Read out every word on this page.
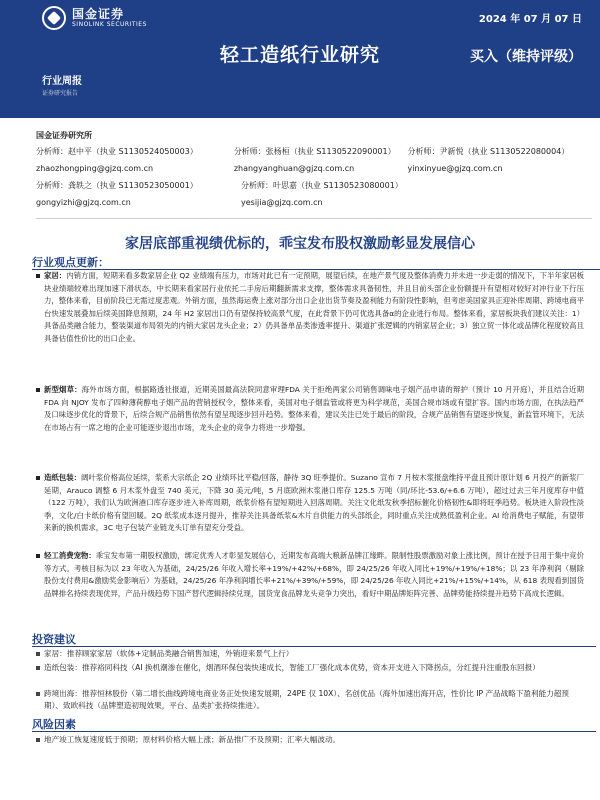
国金证券
SINOLINK SECURITIES	2024 年 07 月 07 日
轻工造纸行业研究	买入（维持评级）
行业周报
证券研究报告
国金证券研究所
分析师：赵中平（执业 S1130524050003）	分析师：张杨桓（执业 S1130522090001）	分析师：尹新悦（执业 S1130522080004）
zhaozhongping@gjzq.com.cn	zhangyanghuan@gjzq.com.cn	yinxinyue@gjzq.com.cn
分析师：龚轶之（执业 S1130523050001）	分析师：叶思嘉（执业 S1130523080001）
gongyizhi@gjzq.com.cn	yesijia@gjzq.com.cn
家居底部重视绩优标的，乖宝发布股权激励彰显发展信心
行业观点更新：
家居：内销方面，短期来看多数家居企业 Q2 业绩端有压力，市场对此已有一定预期，展望后续，在地产景气度及整体消费力并未进一步走弱的情况下，下半年家居板块业绩端较难出现加速下滑状态，中长期来看家居行业依托二手房后期翻新需求支撑，整体需求具备韧性，并且目前头部企业份额提升有望相对较好对冲行业下行压力，整体来看，目前阶段已无需过度悲观。外销方面，虽然海运费上涨对部分出口企业出货节奏及盈利能力有阶段性影响，但考虑美国家具正迎补库周期、跨境电商平台快速发展叠加后续美国降息预期，24 年 H2 家居出口仍有望保持较高景气度，在此背景下仍可优选具备α的企业进行布局。整体来看，家居板块我们建议关注：1）具备品类融合能力，整装渠道布局领先的内销大家居龙头企业；2）仍具备单品类渗透率提升、渠道扩张逻辑的内销家居企业；3）独立贸一体化或品牌化程度较高且具备估值性价比的出口企业。
新型烟草：海外市场方面，根据路透社报道，近期美国最高法院同意审理FDA 关于拒绝两家公司销售调味电子烟产品申请的辩护（预计 10 月开庭），并且结合近期 FDA 向 NJOY 发布了四种薄荷醇电子烟产品的营销授权令，整体来看，美国对电子烟监管或将更为科学规范，美国合规市场或有望扩容。国内市场方面，在执法趋严及口味逐步优化的背景下，后续合规产品销售依然有望呈现逐步回升趋势。整体来看，建议关注已处于最后的阶段，合规产品销售有望逐步恢复，新监管环境下，无法在市场占有一席之地的企业可能逐步退出市场，龙头企业的竞争力将进一步增强。
造纸包装：阔叶浆价格高位延续，浆系大宗纸企 2Q 业绩环比平稳/回落，静待 3Q 旺季提价。Suzano 宣布 7 月桉木浆报盘维持平盘且预计原计划 6 月投产的新浆厂延期，Arauco 调整 6 月木浆外盘至 740 美元，下降 30 美元/吨，5 月底欧洲木浆港口库存 125.5 万吨（同/环比-53.6/+6.6 万吨），超过过去三年月度库存中值（122 万吨），我们认为欧洲港口库存逐步进入补库周期，纸浆价格有望短期进入回落周期。关注文化纸发秋季招标催化价格韧性&即将旺季趋势。板块进入阶段性淡季，文化/白卡纸价格有望回暖。2Q 纸浆成本逐月提升，推荐关注具备纸浆&木片自供能力的头部纸企，同时重点关注成熟低盈利企业。AI 给消费电子赋能，有望带来新的换机需求，3C 电子包装产业链龙头订单有望充分受益。
轻工消费宠物：乖宝发布第一期股权激励，绑定优秀人才彰显发展信心，近期发布高端大粮新品牌江缘畔。限制性股票激励对象上涨比例，预计在授予日用于集中竞价等方式。考核目标为以 23 年收入为基础，24/25/26 年收入增长率+19%/+42%/+68%，即 24/25/26 年收入同比+19%/+19%/+18%；以 23 年净利润（剔除股份支付费用&激励奖金影响后）为基础，24/25/26 年净利润增长率+21%/+39%/+59%，即 24/25/26 年收入同比+21%/+15%/+14%，从 618 表现看到国货品牌排名持续表现优异，产品升级趋势下国产替代逻辑持续兑现，国货宠食品牌龙头竞争力突出，看好中期品牌矩阵完善、品牌势能持续提升趋势下高成长逻辑。
投资建议
家居：推荐顾家家居（软体+定制品类融合销售加速，外销迎来景气上行）
造纸包装：推荐裕同科技（AI 换机潮渗在催化，烟酒环保包装快速成长，智能工厂强化成本优势，资本开支进入下降拐点，分红提升注重股东回报）
跨境出海：推荐恒林股份（第二增长曲线跨境电商业务正处快速发展期，24PE 仅 10X）、名创优品（海外加速出海开店，性价比 IP 产品战略下盈利能力超预期）、致欧科技（品牌塑造初现效果，平台、品类扩张持续推进）。
风险因素
地产竣工恢复速度低于预期；原材料价格大幅上涨；新品推广不及预期；汇率大幅波动。
